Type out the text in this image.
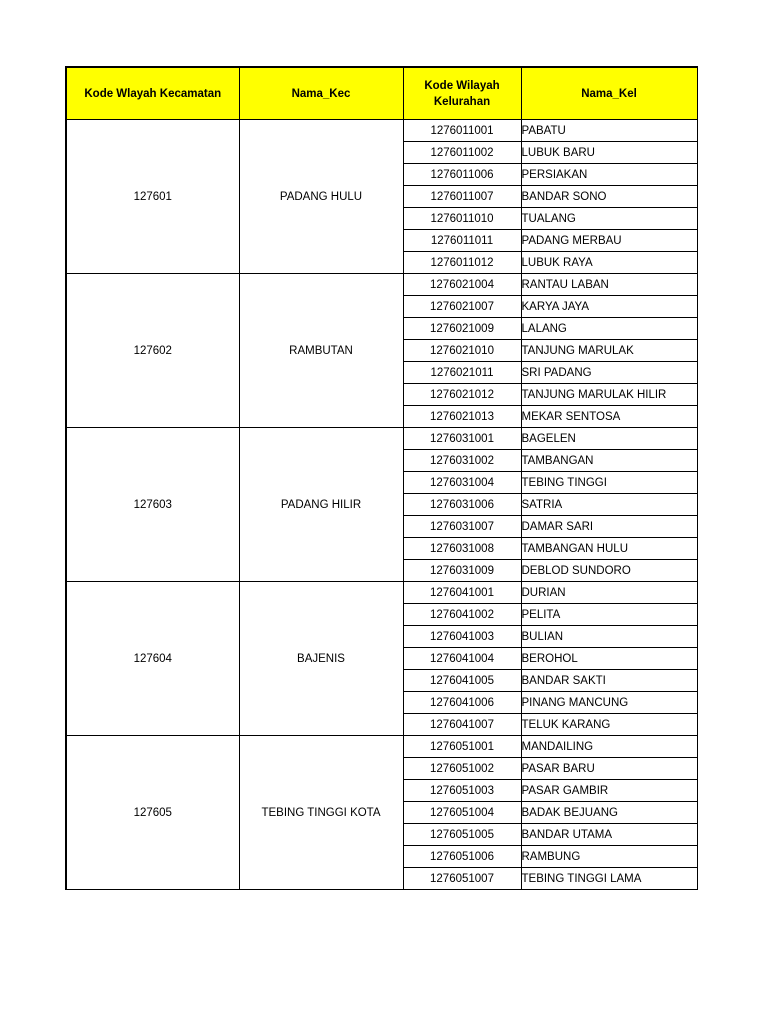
Kode Wlayah Kecamatan	Nama_Kec	Kode Wilayah Kelurahan	Nama_Kel
127601	PADANG HULU	1276011001	PABATU
		1276011002	LUBUK BARU
		1276011006	PERSIAKAN
		1276011007	BANDAR SONO
		1276011010	TUALANG
		1276011011	PADANG MERBAU
		1276011012	LUBUK RAYA
127602	RAMBUTAN	1276021004	RANTAU LABAN
		1276021007	KARYA JAYA
		1276021009	LALANG
		1276021010	TANJUNG MARULAK
		1276021011	SRI PADANG
		1276021012	TANJUNG MARULAK HILIR
		1276021013	MEKAR SENTOSA
127603	PADANG HILIR	1276031001	BAGELEN
		1276031002	TAMBANGAN
		1276031004	TEBING TINGGI
		1276031006	SATRIA
		1276031007	DAMAR SARI
		1276031008	TAMBANGAN HULU
		1276031009	DEBLOD SUNDORO
127604	BAJENIS	1276041001	DURIAN
		1276041002	PELITA
		1276041003	BULIAN
		1276041004	BEROHOL
		1276041005	BANDAR SAKTI
		1276041006	PINANG MANCUNG
		1276041007	TELUK KARANG
127605	TEBING TINGGI KOTA	1276051001	MANDAILING
		1276051002	PASAR BARU
		1276051003	PASAR GAMBIR
		1276051004	BADAK BEJUANG
		1276051005	BANDAR UTAMA
		1276051006	RAMBUNG
		1276051007	TEBING TINGGI LAMA
